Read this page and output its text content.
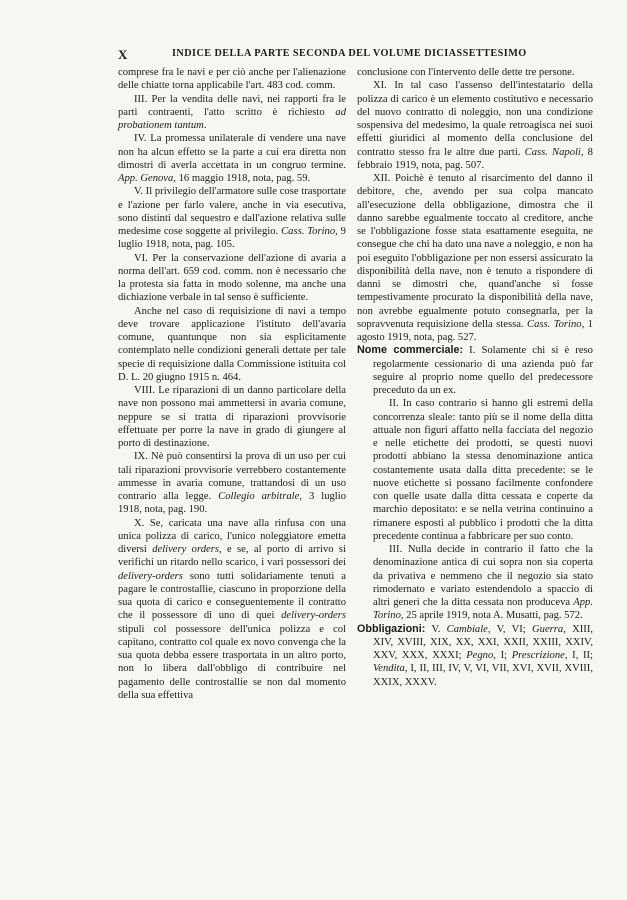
X	INDICE DELLA PARTE SECONDA DEL VOLUME DICIASSETTESIMO

comprese fra le navi e per ciò anche per l'alienazione delle chiatte torna applicabile l'art. 483 cod. comm.

III. Per la vendita delle navi, nei rapporti fra le parti contraenti, l'atto scritto è richiesto ad probationem tantum.

IV. La promessa unilaterale di vendere una nave non ha alcun effetto se la parte a cui era diretta non dimostri di averla accettata in un congruo termine. App. Genova, 16 maggio 1918, nota, pag. 59.

V. Il privilegio dell'armatore sulle cose trasportate e l'azione per farlo valere, anche in via esecutiva, sono distinti dal sequestro e dall'azione relativa sulle medesime cose soggette al privilegio. Cass. Torino, 9 luglio 1918, nota, pag. 105.

VI. Per la conservazione dell'azione di avaria a norma dell'art. 659 cod. comm. non è necessario che la protesta sia fatta in modo solenne, ma anche una dichiazione verbale in tal senso è sufficiente.

Anche nel caso di requisizione di navi a tempo deve trovare applicazione l'istituto dell'avaria comune, quantunque non sia esplicitamente contemplato nelle condizioni generali dettate per tale specie di requisizione dalla Commissione istituita col D. L. 20 giugno 1915 n. 464.

VIII. Le riparazioni di un danno particolare della nave non possono mai ammettersi in avaria comune, neppure se si tratta di riparazioni provvisorie effettuate per porre la nave in grado di giungere al porto di destinazione.

IX. Nè può consentirsi la prova di un uso per cui tali riparazioni provvisorie verrebbero costantemente ammesse in avaria comune, trattandosi di un uso contrario alla legge. Collegio arbitrale, 3 luglio 1918, nota, pag. 190.

X. Se, caricata una nave alla rinfusa con una unica polizza di carico, l'unico noleggiatore emetta diversi delivery orders, e se, al porto di arrivo si verifichi un ritardo nello scarico, i vari possessori dei delivery-orders sono tutti solidariamente tenuti a pagare le controstallie, ciascuno in proporzione della sua quota di carico e conseguentemente il contratto che il possessore di uno di quei delivery-orders stipuli col possessore dell'unica polizza e col capitano, contratto col quale ex novo convenga che la sua quota debba essere trasportata in un altro porto, non lo libera dall'obbligo di contribuire nel pagamento delle controstallie se non dal momento della sua effettiva

conclusione con l'intervento delle dette tre persone.

XI. In tal caso l'assenso dell'intestatario della polizza di carico è un elemento costitutivo e necessario del nuovo contratto di noleggio, non una condizione sospensiva del medesimo, la quale retroagisca nei suoi effetti giuridici al momento della conclusione del contratto stesso fra le altre due parti. Cass. Napoli, 8 febbraio 1919, nota, pag. 507.

XII. Poichè è tenuto al risarcimento del danno il debitore, che, avendo per sua colpa mancato all'esecuzione della obbligazione, dimostra che il danno sarebbe egualmente toccato al creditore, anche se l'obbligazione fosse stata esattamente eseguita, ne consegue che chi ha dato una nave a noleggio, e non ha poi eseguito l'obbligazione per non essersi assicurato la disponibilità della nave, non è tenuto a rispondere di danni se dimostri che, quand'anche si fosse tempestivamente procurato la disponibilità della nave, non avrebbe egualmente potuto consegnarla, per la sopravvenuta requisizione della stessa. Cass. Torino, 1 agosto 1919, nota, pag. 527.

Nome commerciale: I. Solamente chi si è reso regolarmente cessionario di una azienda può far seguire al proprio nome quello del predecessore preceduto da un ex.

II. In caso contrario si hanno gli estremi della concorrenza sleale: tanto più se il nome della ditta attuale non figuri affatto nella facciata del negozio e nelle etichette dei prodotti, se questi nuovi prodotti abbiano la stessa denominazione antica costantemente usata dalla ditta precedente: se le nuove etichette si possano facilmente confondere con quelle usate dalla ditta cessata e coperte da marchio depositato: e se nella vetrina continuino a rimanere esposti al pubblico i prodotti che la ditta precedente continua a fabbricare per suo conto.

III. Nulla decide in contrario il fatto che la denominazione antica di cui sopra non sia coperta da privativa e nemmeno che il negozio sia stato rimodernato e variato estendendolo a spaccio di altri generi che la ditta cessata non produceva App. Torino, 25 aprile 1919, nota A. Musatti, pag. 572.

Obbligazioni: V. Cambiale, V, VI; Guerra, XIII, XIV, XVIII, XIX, XX, XXI, XXII, XXIII, XXIV, XXV, XXX, XXXI; Pegno, I; Prescrizione, I, II; Vendita, I, II, III, IV, V, VI, VII, XVI, XVII, XVIII, XXIX, XXXV.
